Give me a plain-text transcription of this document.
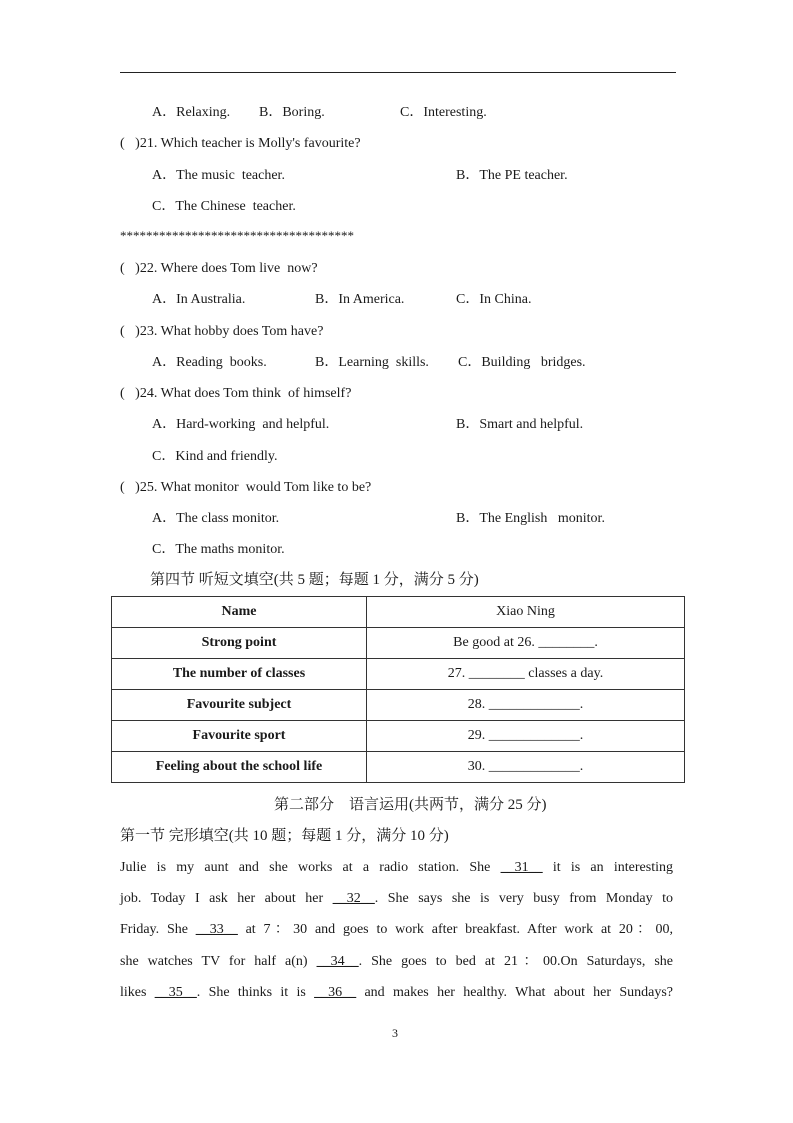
A．Relaxing. B．Boring.	C．Interesting.
(   )21. Which teacher is Molly's favourite?
A．The music  teacher.	B．The PE teacher.
C．The Chinese  teacher.
************************************
(   )22. Where does Tom live  now?
A．In Australia.	B．In America.	C．In China.
(   )23. What hobby does Tom have?
A．Reading  books.	B．Learning  skills. C．Building   bridges.
(   )24. What does Tom think  of himself?
A．Hard-working  and helpful.	B．Smart and helpful.
C．Kind and friendly.
(   )25. What monitor  would Tom like to be?
A．The class monitor.	B．The English   monitor.
C．The maths monitor.
第四节 听短文填空(共 5 题；每题 1 分，满分 5 分)
Name	Xiao Ning
Strong point	Be good at 26. ________.
The number of classes	27. ________ classes a day.
Favourite subject	28. _____________.
Favourite sport	29. _____________.
Feeling about the school life	30. _____________.
第二部分    语言运用(共两节，满分 25 分)
第一节 完形填空(共 10 题；每题 1 分，满分 10 分)
Julie is my aunt and she works at a radio station. She __31__ it is an interesting
job. Today I ask her about her __32__. She says she is very busy from Monday to
Friday. She __33__ at 7：30 and goes to work after breakfast. After work at 20：00,
she watches TV for half a(n) __34__. She goes to bed at 21：00.On Saturdays, she
likes __35__. She thinks it is __36__ and makes her healthy. What about her Sundays?
3
